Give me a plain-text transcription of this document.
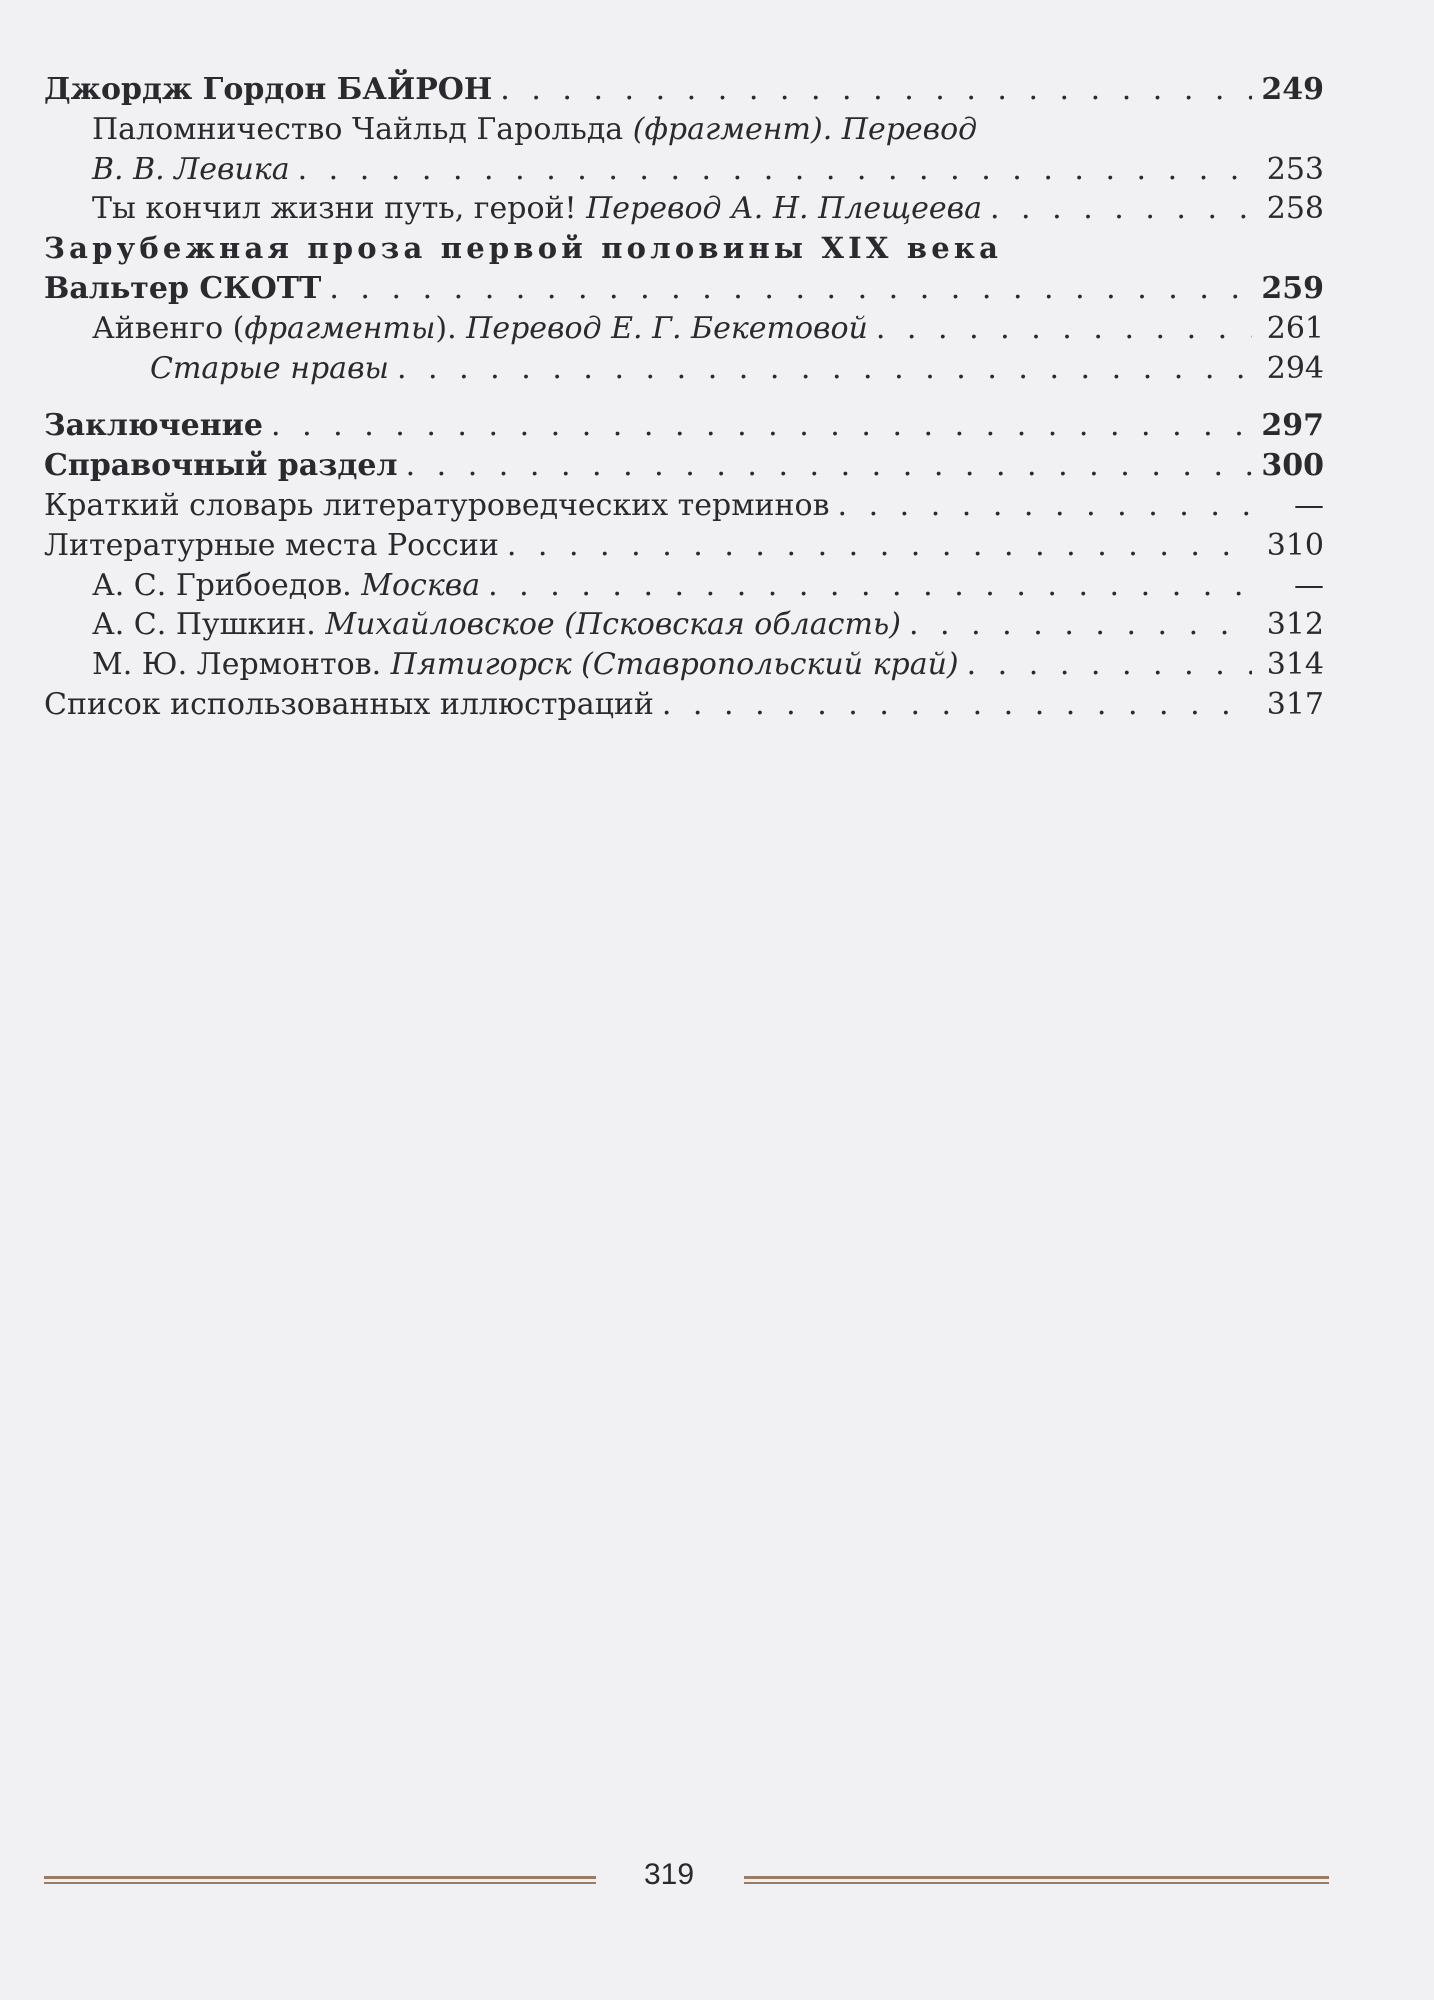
Джордж Гордон БАЙРОН . . .	249
Паломничество Чайльд Гарольда (фрагмент). Перевод
В. В. Левика . . .	253
Ты кончил жизни путь, герой! Перевод А. Н. Плещеева . . .	258
Зарубежная проза первой половины XIX века
Вальтер СКОТТ . . .	259
Айвенго (фрагменты). Перевод Е. Г. Бекетовой . . .	261
Старые нравы . . .	294
Заключение . . .	297
Справочный раздел . . .	300
Краткий словарь литературоведческих терминов . . .	—
Литературные места России . . .	310
А. С. Грибоедов. Москва . . .	—
А. С. Пушкин. Михайловское (Псковская область) . . .	312
М. Ю. Лермонтов. Пятигорск (Ставропольский край) . . .	314
Список использованных иллюстраций . . .	317
319
